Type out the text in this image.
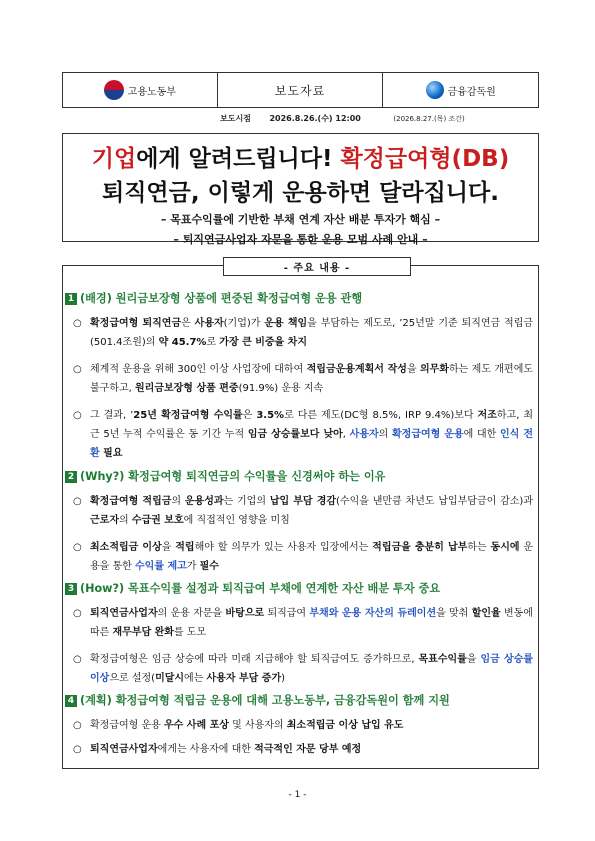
고용노동부	보도자료	금융감독원
보도시점 2026.8.26.(수) 12:00	(2026.8.27.(목) 조간)
기업에게 알려드립니다! 확정급여형(DB)
퇴직연금, 이렇게 운용하면 달라집니다.
– 목표수익률에 기반한 부채 연계 자산 배분 투자가 핵심 –
– 퇴직연금사업자 자문을 통한 운용 모범 사례 안내 –
- 주요 내용 -
1 (배경) 원리금보장형 상품에 편중된 확정급여형 운용 관행
○ 확정급여형 퇴직연금은 사용자(기업)가 운용 책임을 부담하는 제도로, ’25년말 기준 퇴직연금 적립금(501.4조원)의 약 45.7%로 가장 큰 비중을 차지
○ 체계적 운용을 위해 300인 이상 사업장에 대하여 적립금운용계획서 작성을 의무화하는 제도 개편에도 불구하고, 원리금보장형 상품 편중(91.9%) 운용 지속
○ 그 결과, ’25년 확정급여형 수익률은 3.5%로 다른 제도(DC형 8.5%, IRP 9.4%)보다 저조하고, 최근 5년 누적 수익률은 동 기간 누적 임금 상승률보다 낮아, 사용자의 확정급여형 운용에 대한 인식 전환 필요
2 (Why?) 확정급여형 퇴직연금의 수익률을 신경써야 하는 이유
○ 확정급여형 적립금의 운용성과는 기업의 납입 부담 경감(수익을 낸만큼 차년도 납입부담금이 감소)과 근로자의 수급권 보호에 직접적인 영향을 미침
○ 최소적립금 이상을 적립해야 할 의무가 있는 사용자 입장에서는 적립금을 충분히 납부하는 동시에 운용을 통한 수익률 제고가 필수
3 (How?) 목표수익률 설정과 퇴직급여 부채에 연계한 자산 배분 투자 중요
○ 퇴직연금사업자의 운용 자문을 바탕으로 퇴직급여 부채와 운용 자산의 듀레이션을 맞춰 할인율 변동에 따른 재무부담 완화를 도모
○ 확정급여형은 임금 상승에 따라 미래 지급해야 할 퇴직급여도 증가하므로, 목표수익률을 임금 상승률 이상으로 설정(미달시에는 사용자 부담 증가)
4 (계획) 확정급여형 적립금 운용에 대해 고용노동부, 금융감독원이 함께 지원
○ 확정급여형 운용 우수 사례 포상 및 사용자의 최소적립금 이상 납입 유도
○ 퇴직연금사업자에게는 사용자에 대한 적극적인 자문 당부 예정
- 1 -
